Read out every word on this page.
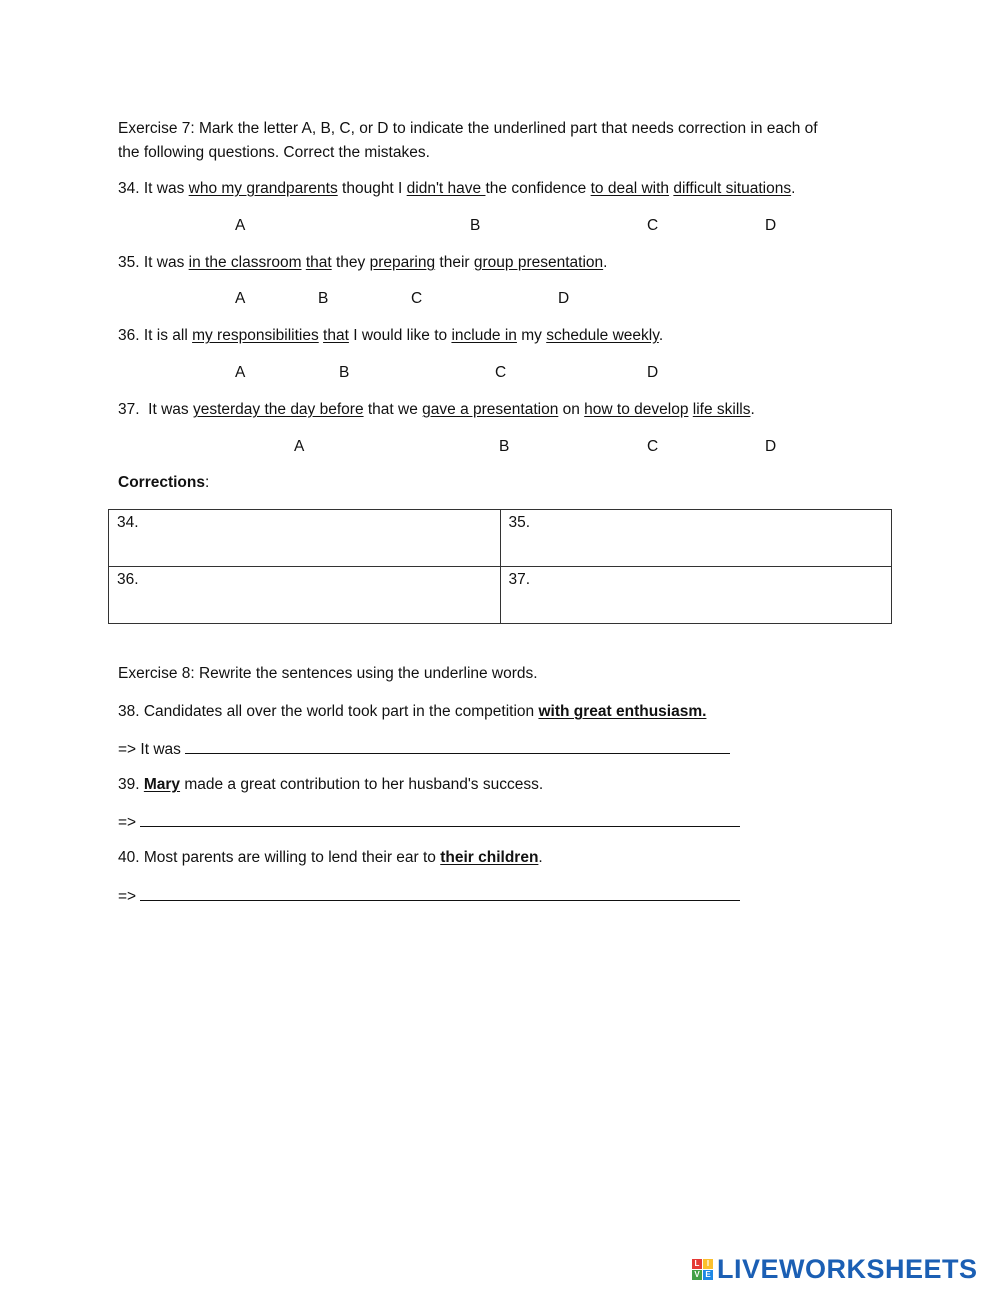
Exercise 7: Mark the letter A, B, C, or D to indicate the underlined part that needs correction in each of
the following questions. Correct the mistakes.
34. It was who my grandparents thought I didn't have the confidence to deal with difficult situations.
A	B	C	D
35. It was in the classroom that they preparing their group presentation.
A	B	C	D
36. It is all my responsibilities that I would like to include in my schedule weekly.
A	B	C	D
37.  It was yesterday the day before that we gave a presentation on how to develop life skills.
A	B	C	D
Corrections:
34.	35.
36.	37.
Exercise 8: Rewrite the sentences using the underline words.
38. Candidates all over the world took part in the competition with great enthusiasm.
=> It was
39. Mary made a great contribution to her husband's success.
=>
40. Most parents are willing to lend their ear to their children.
=>
L I
V E LIVEWORKSHEETS
